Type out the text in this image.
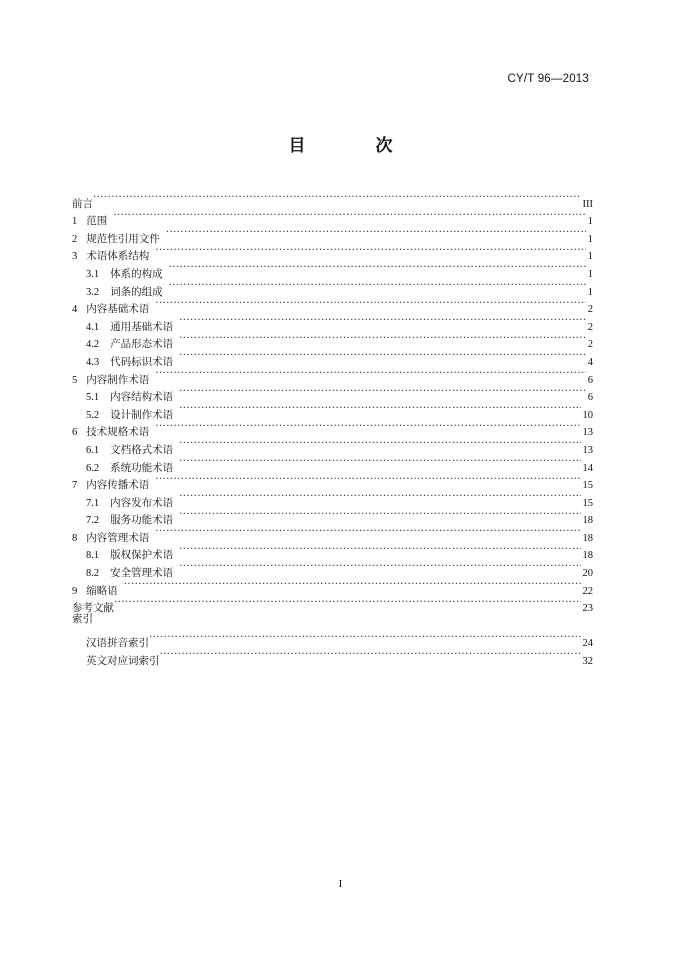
CY/T 96—2013
目	次
前言 ·····	III
1 范围 ·····	1
2 规范性引用文件 ·····	1
3 术语体系结构 ·····	1
3.1 体系的构成 ·····	1
3.2 词条的组成 ·····	1
4 内容基础术语 ·····	2
4.1 通用基础术语 ·····	2
4.2 产品形态术语 ·····	2
4.3 代码标识术语 ·····	4
5 内容制作术语 ·····	6
5.1 内容结构术语 ·····	6
5.2 设计制作术语 ·····	10
6 技术规格术语 ·····	13
6.1 文档格式术语 ·····	13
6.2 系统功能术语 ·····	14
7 内容传播术语 ·····	15
7.1 内容发布术语 ·····	15
7.2 服务功能术语 ·····	18
8 内容管理术语 ·····	18
8.1 版权保护术语 ·····	18
8.2 安全管理术语 ·····	20
9 缩略语 ·····	22
参考文献 ·····	23
索引
汉语拼音索引 ·····	24
英文对应词索引 ·····	32
I
